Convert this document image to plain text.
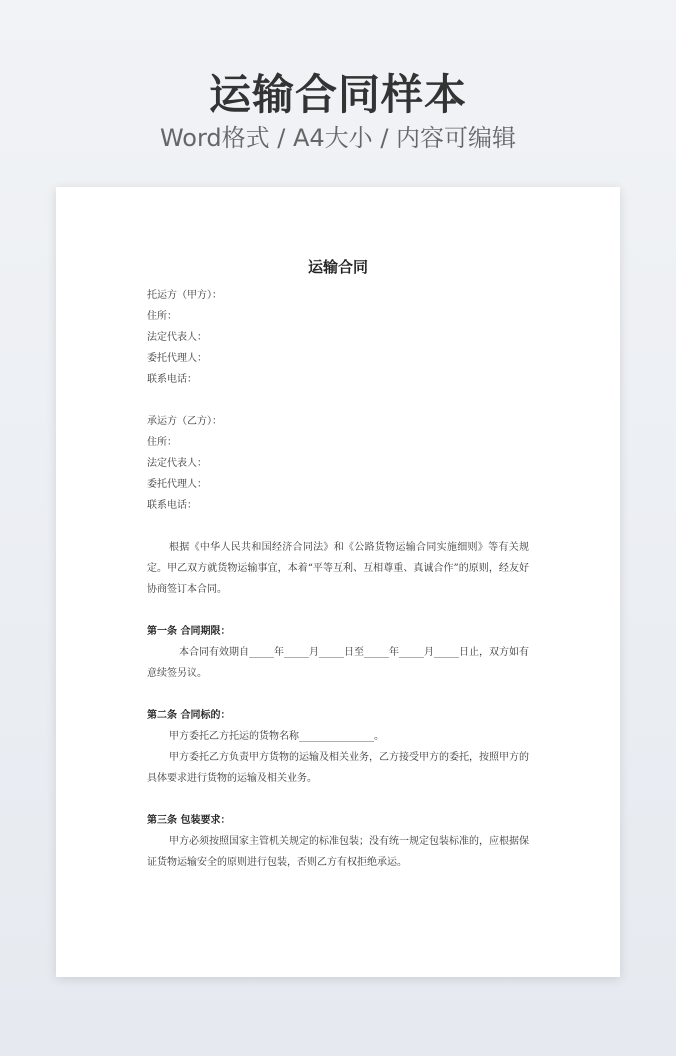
运输合同样本
Word格式 / A4大小 / 内容可编辑
运输合同
托运方（甲方）：
住所：
法定代表人：
委托代理人：
联系电话：
承运方（乙方）：
住所：
法定代表人：
委托代理人：
联系电话：
根据《中华人民共和国经济合同法》和《公路货物运输合同实施细则》等有关规定。甲乙双方就货物运输事宜，本着“平等互利、互相尊重、真诚合作”的原则，经友好协商签订本合同。
第一条 合同期限：
本合同有效期自_____年_____月_____日至_____年_____月_____日止，双方如有意续签另议。
第二条 合同标的：
甲方委托乙方托运的货物名称_______________。
甲方委托乙方负责甲方货物的运输及相关业务，乙方接受甲方的委托，按照甲方的具体要求进行货物的运输及相关业务。
第三条 包装要求：
甲方必须按照国家主管机关规定的标准包装；没有统一规定包装标准的，应根据保证货物运输安全的原则进行包装，否则乙方有权拒绝承运。
